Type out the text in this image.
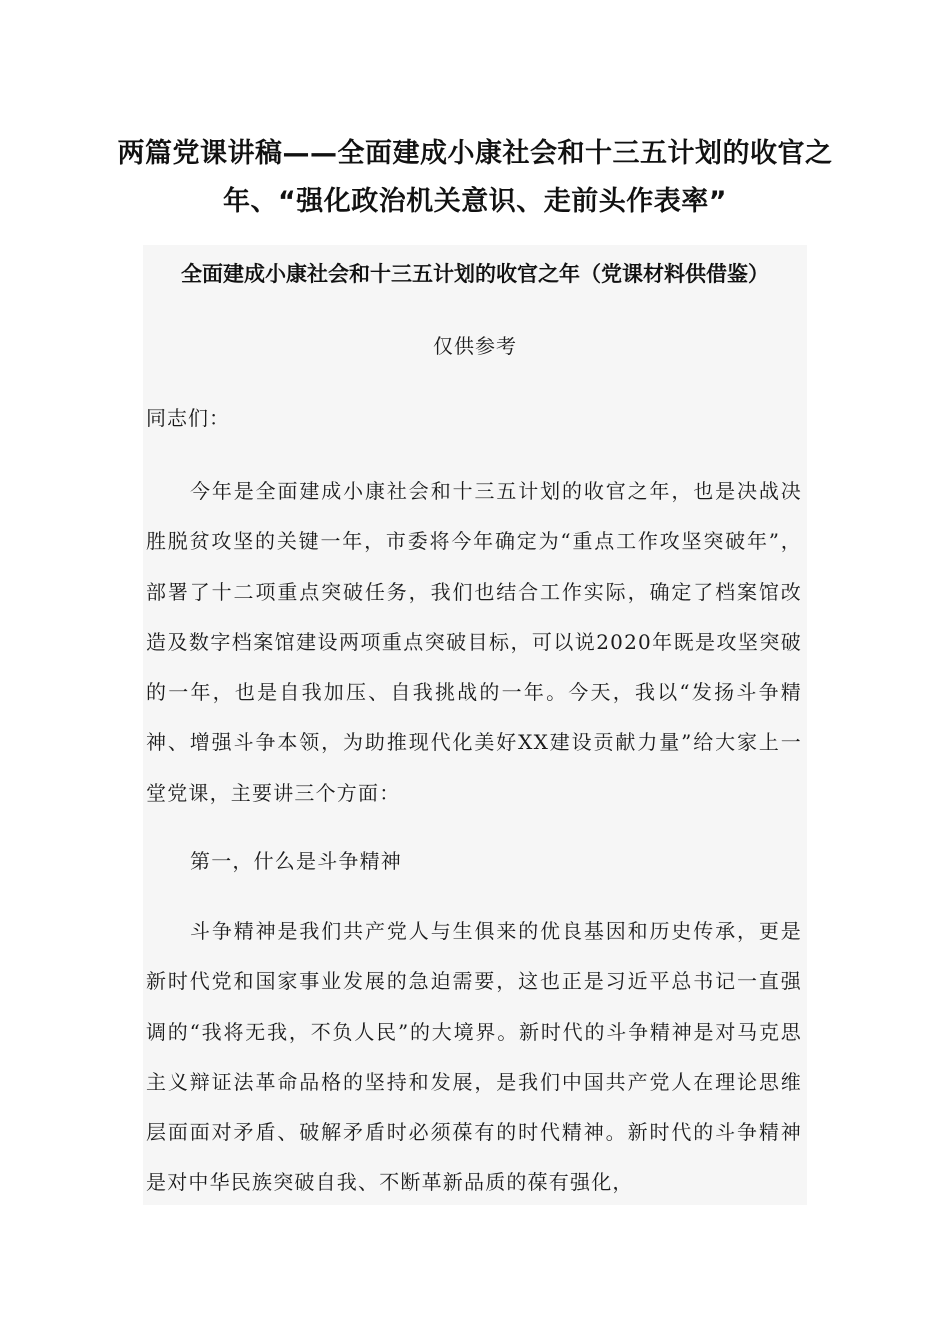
两篇党课讲稿——全面建成小康社会和十三五计划的收官之年、“强化政治机关意识、走前头作表率”
全面建成小康社会和十三五计划的收官之年（党课材料供借鉴）
仅供参考
同志们：

今年是全面建成小康社会和十三五计划的收官之年，也是决战决胜脱贫攻坚的关键一年，市委将今年确定为“重点工作攻坚突破年”，部署了十二项重点突破任务，我们也结合工作实际，确定了档案馆改造及数字档案馆建设两项重点突破目标，可以说2020年既是攻坚突破的一年，也是自我加压、自我挑战的一年。今天，我以“发扬斗争精神、增强斗争本领，为助推现代化美好XX建设贡献力量”给大家上一堂党课，主要讲三个方面：

第一，什么是斗争精神

斗争精神是我们共产党人与生俱来的优良基因和历史传承，更是新时代党和国家事业发展的急迫需要，这也正是习近平总书记一直强调的“我将无我，不负人民”的大境界。新时代的斗争精神是对马克思主义辩证法革命品格的坚持和发展，是我们中国共产党人在理论思维层面面对矛盾、破解矛盾时必须葆有的时代精神。新时代的斗争精神是对中华民族突破自我、不断革新品质的葆有强化，
